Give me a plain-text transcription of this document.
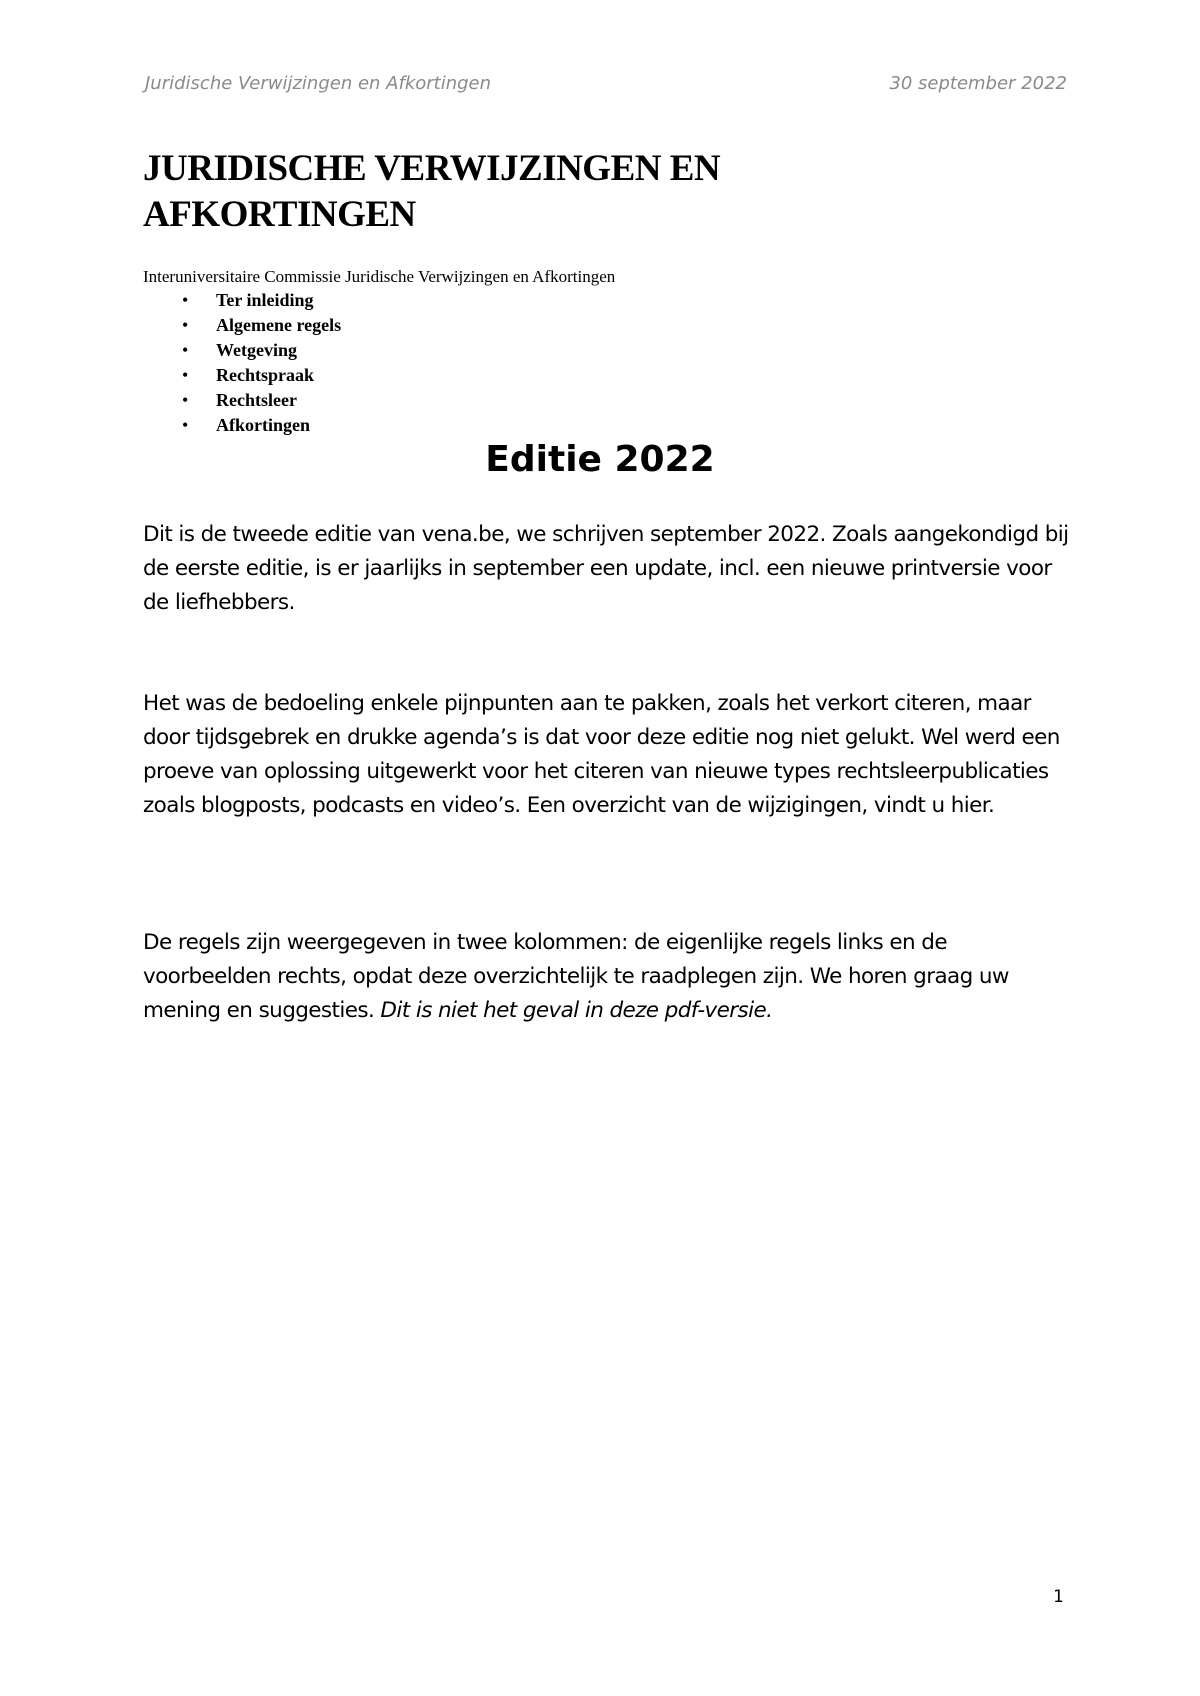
Juridische Verwijzingen en Afkortingen	30 september 2022
JURIDISCHE VERWIJZINGEN EN AFKORTINGEN
Interuniversitaire Commissie Juridische Verwijzingen en Afkortingen
• Ter inleiding
• Algemene regels
• Wetgeving
• Rechtspraak
• Rechtsleer
• Afkortingen
Editie 2022

Dit is de tweede editie van vena.be, we schrijven september 2022. Zoals aangekondigd bij de eerste editie, is er jaarlijks in september een update, incl. een nieuwe printversie voor de liefhebbers.

Het was de bedoeling enkele pijnpunten aan te pakken, zoals het verkort citeren, maar door tijdsgebrek en drukke agenda’s is dat voor deze editie nog niet gelukt. Wel werd een proeve van oplossing uitgewerkt voor het citeren van nieuwe types rechtsleerpublicaties zoals blogposts, podcasts en video’s. Een overzicht van de wijzigingen, vindt u hier.

De regels zijn weergegeven in twee kolommen: de eigenlijke regels links en de voorbeelden rechts, opdat deze overzichtelijk te raadplegen zijn. We horen graag uw mening en suggesties. Dit is niet het geval in deze pdf-versie.

1
